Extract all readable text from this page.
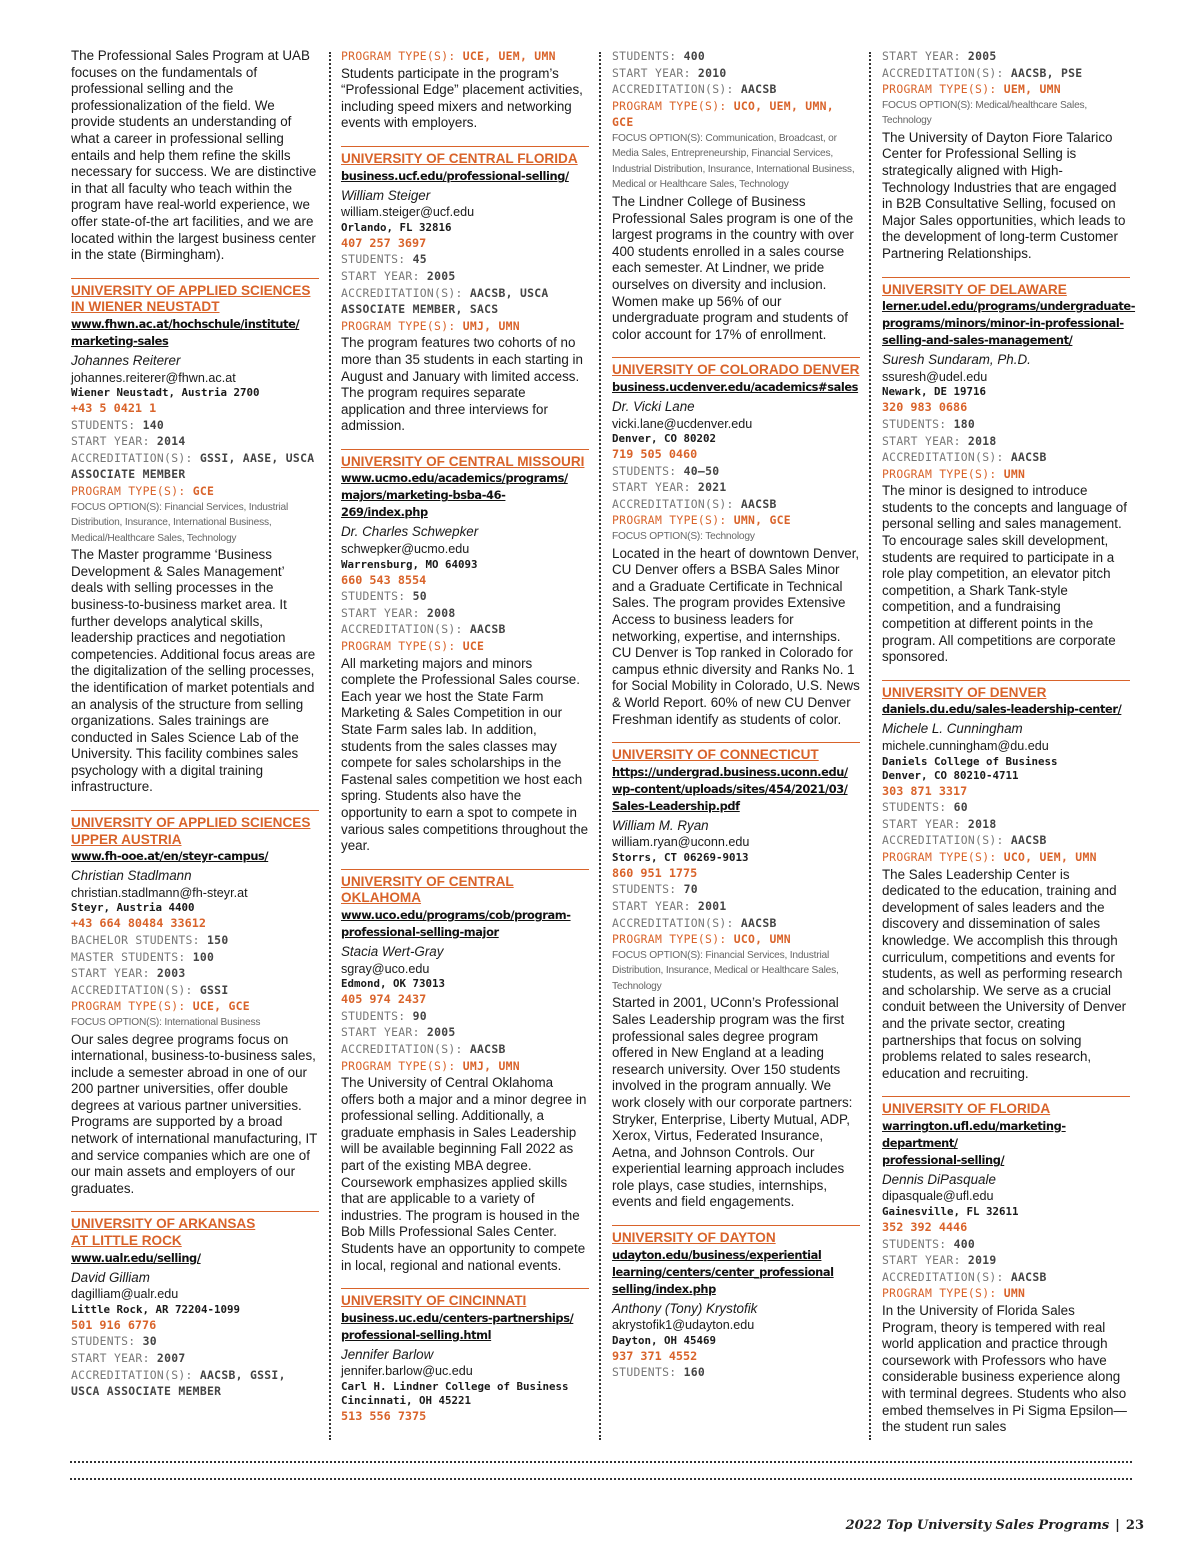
The Professional Sales Program at UAB focuses on the fundamentals of professional selling and the professionalization of the field. We provide students an understanding of what a career in professional selling entails and help them refine the skills necessary for success. We are distinctive in that all faculty who teach within the program have real-world experience, we offer state-of-the art facilities, and we are located within the largest business center in the state (Birmingham).
UNIVERSITY OF APPLIED SCIENCES
IN WIENER NEUSTADT
www.fhwn.ac.at/hochschule/institute/
marketing-sales
Johannes Reiterer
johannes.reiterer@fhwn.ac.at
Wiener Neustadt, Austria 2700
+43 5 0421 1
STUDENTS: 140
START YEAR: 2014
ACCREDITATION(S): GSSI, AASE, USCA ASSOCIATE MEMBER
PROGRAM TYPE(S): GCE
FOCUS OPTION(S): Financial Services, Industrial Distribution, Insurance, International Business, Medical/Healthcare Sales, Technology
The Master programme ‘Business Development & Sales Management’ deals with selling processes in the business-to-business market area. It further develops analytical skills, leadership practices and negotiation competencies. Additional focus areas are the digitalization of the selling processes, the identification of market potentials and an analysis of the structure from selling organizations. Sales trainings are conducted in Sales Science Lab of the University. This facility combines sales psychology with a digital training infrastructure.
UNIVERSITY OF APPLIED SCIENCES
UPPER AUSTRIA
www.fh-ooe.at/en/steyr-campus/
Christian Stadlmann
christian.stadlmann@fh-steyr.at
Steyr, Austria 4400
+43 664 80484 33612
BACHELOR STUDENTS: 150
MASTER STUDENTS: 100
START YEAR: 2003
ACCREDITATION(S): GSSI
PROGRAM TYPE(S): UCE, GCE
FOCUS OPTION(S): International Business
Our sales degree programs focus on international, business-to-business sales, include a semester abroad in one of our 200 partner universities, offer double degrees at various partner universities. Programs are supported by a broad network of international manufacturing, IT and service companies which are one of our main assets and employers of our graduates.
UNIVERSITY OF ARKANSAS
AT LITTLE ROCK
www.ualr.edu/selling/
David Gilliam
dagilliam@ualr.edu
Little Rock, AR 72204-1099
501 916 6776
STUDENTS: 30
START YEAR: 2007
ACCREDITATION(S): AACSB, GSSI, USCA ASSOCIATE MEMBER
PROGRAM TYPE(S): UCE, UEM, UMN
Students participate in the program’s “Professional Edge” placement activities, including speed mixers and networking events with employers.
UNIVERSITY OF CENTRAL FLORIDA
business.ucf.edu/professional-selling/
William Steiger
william.steiger@ucf.edu
Orlando, FL 32816
407 257 3697
STUDENTS: 45
START YEAR: 2005
ACCREDITATION(S): AACSB, USCA ASSOCIATE MEMBER, SACS
PROGRAM TYPE(S): UMJ, UMN
The program features two cohorts of no more than 35 students in each starting in August and January with limited access. The program requires separate application and three interviews for admission.
UNIVERSITY OF CENTRAL MISSOURI
www.ucmo.edu/academics/programs/
majors/marketing-bsba-46-269/index.php
Dr. Charles Schwepker
schwepker@ucmo.edu
Warrensburg, MO 64093
660 543 8554
STUDENTS: 50
START YEAR: 2008
ACCREDITATION(S): AACSB
PROGRAM TYPE(S): UCE
All marketing majors and minors complete the Professional Sales course. Each year we host the State Farm Marketing & Sales Competition in our State Farm sales lab. In addition, students from the sales classes may compete for sales scholarships in the Fastenal sales competition we host each spring. Students also have the opportunity to earn a spot to compete in various sales competitions throughout the year.
UNIVERSITY OF CENTRAL
OKLAHOMA
www.uco.edu/programs/cob/program-
professional-selling-major
Stacia Wert-Gray
sgray@uco.edu
Edmond, OK 73013
405 974 2437
STUDENTS: 90
START YEAR: 2005
ACCREDITATION(S): AACSB
PROGRAM TYPE(S): UMJ, UMN
The University of Central Oklahoma offers both a major and a minor degree in professional selling. Additionally, a graduate emphasis in Sales Leadership will be available beginning Fall 2022 as part of the existing MBA degree. Coursework emphasizes applied skills that are applicable to a variety of industries. The program is housed in the Bob Mills Professional Sales Center. Students have an opportunity to compete in local, regional and national events.
UNIVERSITY OF CINCINNATI
business.uc.edu/centers-partnerships/
professional-selling.html
Jennifer Barlow
jennifer.barlow@uc.edu
Carl H. Lindner College of Business
Cincinnati, OH 45221
513 556 7375
STUDENTS: 400
START YEAR: 2010
ACCREDITATION(S): AACSB
PROGRAM TYPE(S): UCO, UEM, UMN, GCE
FOCUS OPTION(S): Communication, Broadcast, or Media Sales, Entrepreneurship, Financial Services, Industrial Distribution, Insurance, International Business, Medical or Healthcare Sales, Technology
The Lindner College of Business Professional Sales program is one of the largest programs in the country with over 400 students enrolled in a sales course each semester. At Lindner, we pride ourselves on diversity and inclusion. Women make up 56% of our undergraduate program and students of color account for 17% of enrollment.
UNIVERSITY OF COLORADO DENVER
business.ucdenver.edu/academics#sales
Dr. Vicki Lane
vicki.lane@ucdenver.edu
Denver, CO 80202
719 505 0460
STUDENTS: 40–50
START YEAR: 2021
ACCREDITATION(S): AACSB
PROGRAM TYPE(S): UMN, GCE
FOCUS OPTION(S): Technology
Located in the heart of downtown Denver, CU Denver offers a BSBA Sales Minor and a Graduate Certificate in Technical Sales. The program provides Extensive Access to business leaders for networking, expertise, and internships. CU Denver is Top ranked in Colorado for campus ethnic diversity and Ranks No. 1 for Social Mobility in Colorado, U.S. News & World Report. 60% of new CU Denver Freshman identify as students of color.
UNIVERSITY OF CONNECTICUT
https://undergrad.business.uconn.edu/
wp-content/uploads/sites/454/2021/03/
Sales-Leadership.pdf
William M. Ryan
william.ryan@uconn.edu
Storrs, CT 06269-9013
860 951 1775
STUDENTS: 70
START YEAR: 2001
ACCREDITATION(S): AACSB
PROGRAM TYPE(S): UCO, UMN
FOCUS OPTION(S): Financial Services, Industrial Distribution, Insurance, Medical or Healthcare Sales, Technology
Started in 2001, UConn’s Professional Sales Leadership program was the first professional sales degree program offered in New England at a leading research university. Over 150 students involved in the program annually. We work closely with our corporate partners: Stryker, Enterprise, Liberty Mutual, ADP, Xerox, Virtus, Federated Insurance, Aetna, and Johnson Controls. Our experiential learning approach includes role plays, case studies, internships, events and field engagements.
UNIVERSITY OF DAYTON
udayton.edu/business/experiential
learning/centers/center_professional
selling/index.php
Anthony (Tony) Krystofik
akrystofik1@udayton.edu
Dayton, OH 45469
937 371 4552
STUDENTS: 160
START YEAR: 2005
ACCREDITATION(S): AACSB, PSE
PROGRAM TYPE(S): UEM, UMN
FOCUS OPTION(S): Medical/healthcare Sales, Technology
The University of Dayton Fiore Talarico Center for Professional Selling is strategically aligned with High-Technology Industries that are engaged in B2B Consultative Selling, focused on Major Sales opportunities, which leads to the development of long-term Customer Partnering Relationships.
UNIVERSITY OF DELAWARE
lerner.udel.edu/programs/undergraduate-
programs/minors/minor-in-professional-
selling-and-sales-management/
Suresh Sundaram, Ph.D.
ssuresh@udel.edu
Newark, DE 19716
320 983 0686
STUDENTS: 180
START YEAR: 2018
ACCREDITATION(S): AACSB
PROGRAM TYPE(S): UMN
The minor is designed to introduce students to the concepts and language of personal selling and sales management. To encourage sales skill development, students are required to participate in a role play competition, an elevator pitch competition, a Shark Tank-style competition, and a fundraising competition at different points in the program. All competitions are corporate sponsored.
UNIVERSITY OF DENVER
daniels.du.edu/sales-leadership-center/
Michele L. Cunningham
michele.cunningham@du.edu
Daniels College of Business
Denver, CO 80210-4711
303 871 3317
STUDENTS: 60
START YEAR: 2018
ACCREDITATION(S): AACSB
PROGRAM TYPE(S): UCO, UEM, UMN
The Sales Leadership Center is dedicated to the education, training and development of sales leaders and the discovery and dissemination of sales knowledge. We accomplish this through curriculum, competitions and events for students, as well as performing research and scholarship. We serve as a crucial conduit between the University of Denver and the private sector, creating partnerships that focus on solving problems related to sales research, education and recruiting.
UNIVERSITY OF FLORIDA
warrington.ufl.edu/marketing-department/
professional-selling/
Dennis DiPasquale
dipasquale@ufl.edu
Gainesville, FL 32611
352 392 4446
STUDENTS: 400
START YEAR: 2019
ACCREDITATION(S): AACSB
PROGRAM TYPE(S): UMN
In the University of Florida Sales Program, theory is tempered with real world application and practice through coursework with Professors who have considerable business experience along with terminal degrees. Students who also embed themselves in Pi Sigma Epsilon—the student run sales
2022 Top University Sales Programs | 23
